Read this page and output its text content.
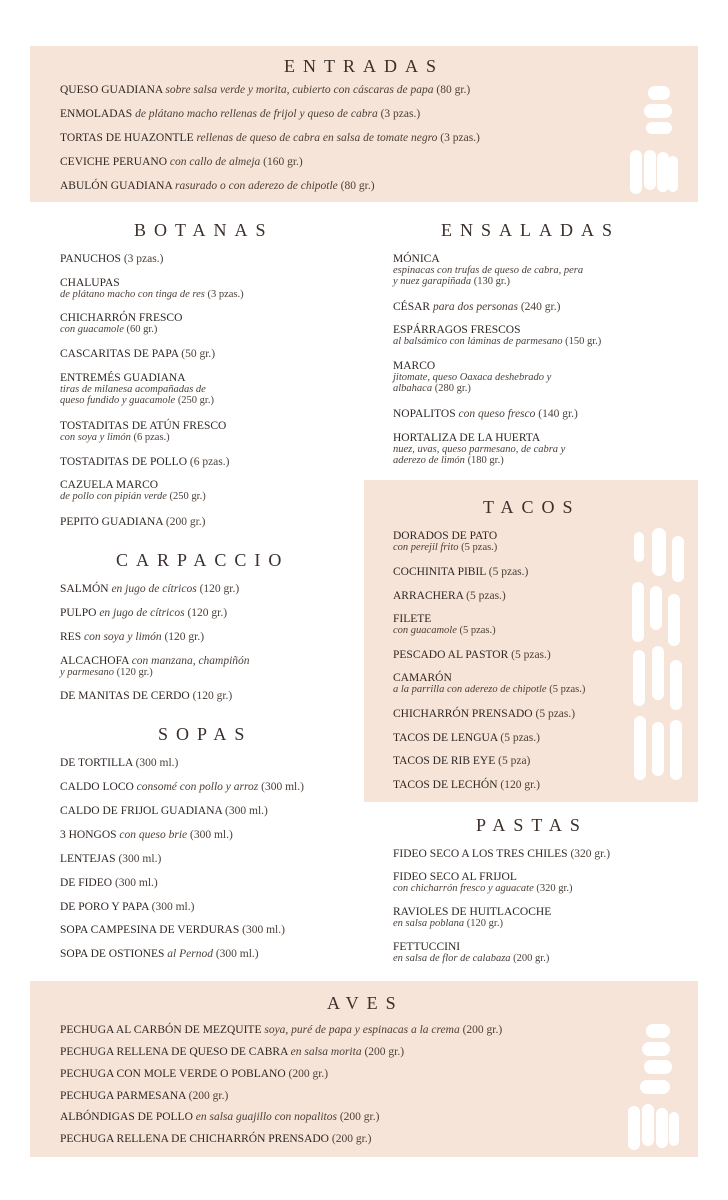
ENTRADAS
QUESO GUADIANA sobre salsa verde y morita, cubierto con cáscaras de papa (80 gr.)
ENMOLADAS de plátano macho rellenas de frijol y queso de cabra (3 pzas.)
TORTAS DE HUAZONTLE rellenas de queso de cabra en salsa de tomate negro (3 pzas.)
CEVICHE PERUANO con callo de almeja (160 gr.)
ABULÓN GUADIANA rasurado o con aderezo de chipotle (80 gr.)
BOTANAS
PANUCHOS (3 pzas.)
CHALUPAS
de plátano macho con tinga de res (3 pzas.)
CHICHARRÓN FRESCO
con guacamole (60 gr.)
CASCARITAS DE PAPA (50 gr.)
ENTREMÉS GUADIANA
tiras de milanesa acompañadas de
queso fundido y guacamole (250 gr.)
TOSTADITAS DE ATÚN FRESCO
con soya y limón (6 pzas.)
TOSTADITAS DE POLLO (6 pzas.)
CAZUELA MARCO
de pollo con pipián verde (250 gr.)
PEPITO GUADIANA (200 gr.)
ENSALADAS
MÓNICA
espinacas con trufas de queso de cabra, pera
y nuez garapiñada (130 gr.)
CÉSAR para dos personas (240 gr.)
ESPÁRRAGOS FRESCOS
al balsámico con láminas de parmesano (150 gr.)
MARCO
jitomate, queso Oaxaca deshebrado y
albahaca (280 gr.)
NOPALITOS con queso fresco (140 gr.)
HORTALIZA DE LA HUERTA
nuez, uvas, queso parmesano, de cabra y
aderezo de limón (180 gr.)
CARPACCIO
SALMÓN en jugo de cítricos (120 gr.)
PULPO en jugo de cítricos (120 gr.)
RES con soya y limón (120 gr.)
ALCACHOFA con manzana, champiñón
y parmesano (120 gr.)
DE MANITAS DE CERDO (120 gr.)
SOPAS
DE TORTILLA (300 ml.)
CALDO LOCO consomé con pollo y arroz (300 ml.)
CALDO DE FRIJOL GUADIANA (300 ml.)
3 HONGOS con queso brie (300 ml.)
LENTEJAS (300 ml.)
DE FIDEO (300 ml.)
DE PORO Y PAPA (300 ml.)
SOPA CAMPESINA DE VERDURAS (300 ml.)
SOPA DE OSTIONES al Pernod (300 ml.)
TACOS
DORADOS DE PATO
con perejil frito (5 pzas.)
COCHINITA PIBIL (5 pzas.)
ARRACHERA (5 pzas.)
FILETE
con guacamole (5 pzas.)
PESCADO AL PASTOR (5 pzas.)
CAMARÓN
a la parrilla con aderezo de chipotle (5 pzas.)
CHICHARRÓN PRENSADO (5 pzas.)
TACOS DE LENGUA (5 pzas.)
TACOS DE RIB EYE (5 pza)
TACOS DE LECHÓN (120 gr.)
PASTAS
FIDEO SECO A LOS TRES CHILES (320 gr.)
FIDEO SECO AL FRIJOL
con chicharrón fresco y aguacate (320 gr.)
RAVIOLES DE HUITLACOCHE
en salsa poblana (120 gr.)
FETTUCCINI
en salsa de flor de calabaza (200 gr.)
AVES
PECHUGA AL CARBÓN DE MEZQUITE soya, puré de papa y espinacas a la crema (200 gr.)
PECHUGA RELLENA DE QUESO DE CABRA en salsa morita (200 gr.)
PECHUGA CON MOLE VERDE O POBLANO (200 gr.)
PECHUGA PARMESANA (200 gr.)
ALBÓNDIGAS DE POLLO en salsa guajillo con nopalitos (200 gr.)
PECHUGA RELLENA DE CHICHARRÓN PRENSADO (200 gr.)
